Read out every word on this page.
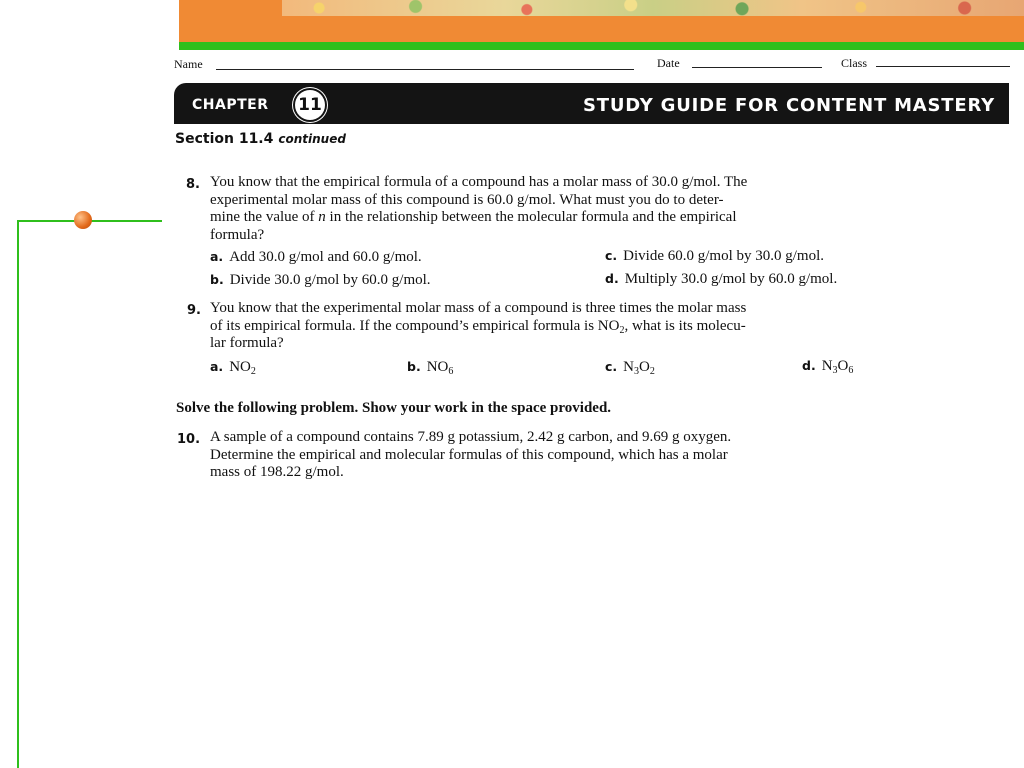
Name	Date	Class
CHAPTER 11	STUDY GUIDE FOR CONTENT MASTERY
Section 11.4 continued
8. You know that the empirical formula of a compound has a molar mass of 30.0 g/mol. The
experimental molar mass of this compound is 60.0 g/mol. What must you do to deter-
mine the value of n in the relationship between the molecular formula and the empirical
formula?
a. Add 30.0 g/mol and 60.0 g/mol.
b. Divide 30.0 g/mol by 60.0 g/mol.
c. Divide 60.0 g/mol by 30.0 g/mol.
d. Multiply 30.0 g/mol by 60.0 g/mol.
9. You know that the experimental molar mass of a compound is three times the molar mass
of its empirical formula. If the compound’s empirical formula is $NO_2$, what is its molecu-
lar formula?
a. $NO_2$	b. $NO_6$	c. $N_3O_2$	d. $N_3O_6$
Solve the following problem. Show your work in the space provided.
10. A sample of a compound contains 7.89 g potassium, 2.42 g carbon, and 9.69 g oxygen.
Determine the empirical and molecular formulas of this compound, which has a molar
mass of 198.22 g/mol.
